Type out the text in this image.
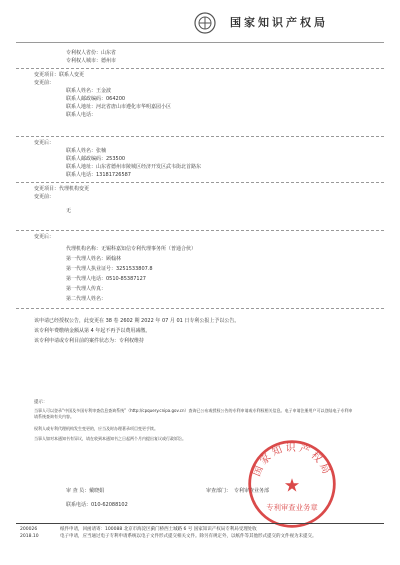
国家知识产权局
专利权人省份：山东省
专利权人城市：德州市
变更项目：联系人变更
变更前：
联系人姓名：王金波
联系人邮政编码：064200
联系人地址：河北省唐山市遵化市华明嘉园小区
联系人电话：
变更后：
联系人姓名：张楠
联系人邮政编码：253500
联系人地址：山东省德州市陵城区经济开发区武韦街北首路东
联系人电话：13181726587
变更项目：代理机构变更
变更前：
无
变更后：
代理机构名称：无锡科嘉知信专利代理事务所（普通合伙）
第一代理人姓名：顾翰林
第一代理人执业证号：3251533807.8
第一代理人电话：0510-85387127
第一代理人传真：
第二代理人姓名：
该申请已经授权公告，此变更在 38 卷 2602 期 2022 年 07 月 01 日专利公报上予以公告。
该专利年费缴纳金额从第 4 年起不再予以费用减缴。
该专利申请或专利目前的案件状态为：专利权维持
提示：
当事人可以登录“中国及多国专利审查信息查询系统”（http://cpquery.cnipa.gov.cn）查询已公布或授权公告的专利申请或专利权相关信息。电子申请注册用户可以登陆电子专利申请系统查询有关内容。
权利人或专利代理机构发生变更的，应当及时办理著录项目变更手续。
当事人如对本通知书有异议，请在收到本通知书之日起两个月内提出复议或行政诉讼。
审 查 员：戴晓娟	审查部门： 专利审查业务部
联系电话：010-62088102
国家知识产权局
★
专利审查业务章
200026
2018.10
纸件申请，回函请寄：100088 北京市海淀区蓟门桥西土城路 6 号 国家知识产权局专利局受理处收
电子申请，应当通过电子专利申请系统以电子文件形式提交相关文件。除另有规定外，以纸件等其他形式提交的文件视为未提交。
